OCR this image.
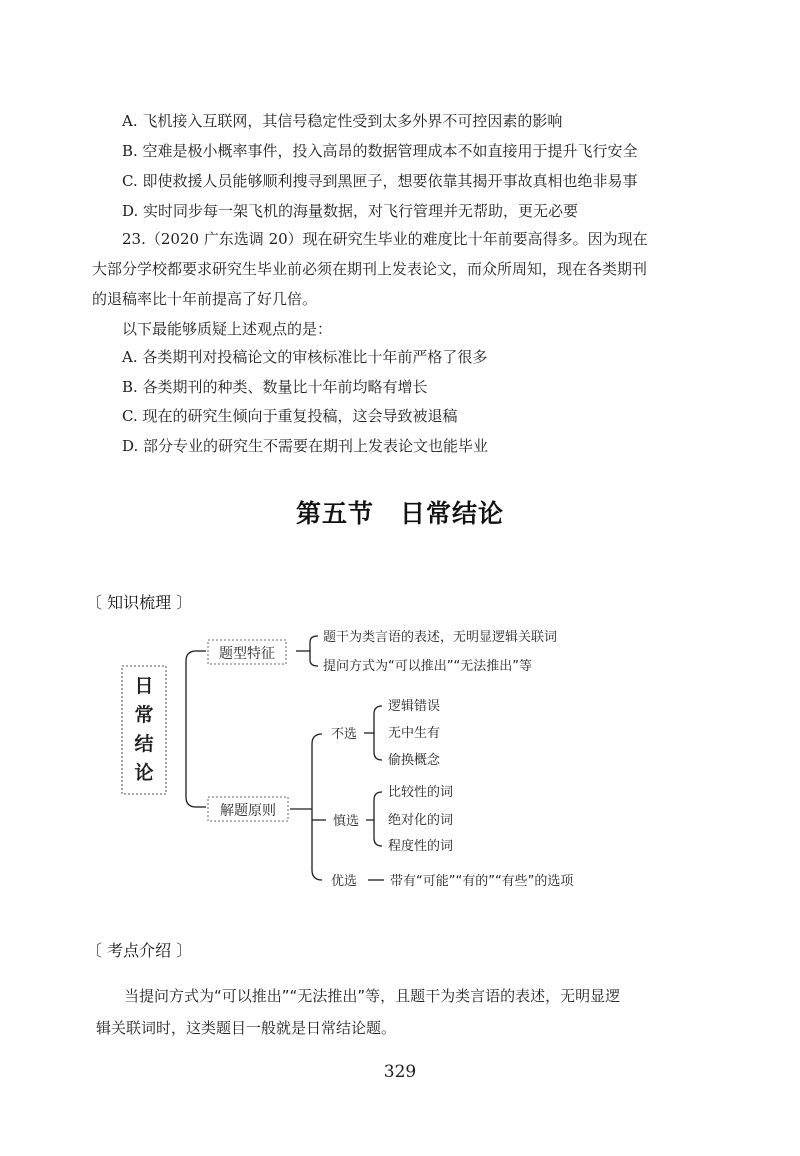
A. 飞机接入互联网，其信号稳定性受到太多外界不可控因素的影响
B. 空难是极小概率事件，投入高昂的数据管理成本不如直接用于提升飞行安全
C. 即使救援人员能够顺利搜寻到黑匣子，想要依靠其揭开事故真相也绝非易事
D. 实时同步每一架飞机的海量数据，对飞行管理并无帮助，更无必要
23.（2020 广东选调 20）现在研究生毕业的难度比十年前要高得多。因为现在
大部分学校都要求研究生毕业前必须在期刊上发表论文，而众所周知，现在各类期刊
的退稿率比十年前提高了好几倍。
以下最能够质疑上述观点的是：
A. 各类期刊对投稿论文的审核标准比十年前严格了很多
B. 各类期刊的种类、数量比十年前均略有增长
C. 现在的研究生倾向于重复投稿，这会导致被退稿
D. 部分专业的研究生不需要在期刊上发表论文也能毕业
第五节　日常结论
〔 知识梳理 〕
日
常
结
论
题型特征
题干为类言语的表述，无明显逻辑关联词
提问方式为“可以推出”“无法推出”等
解题原则
不选
逻辑错误
无中生有
偷换概念
慎选
比较性的词
绝对化的词
程度性的词
优选	带有“可能”“有的”“有些”的选项
〔 考点介绍 〕
当提问方式为“可以推出”“无法推出”等，且题干为类言语的表述，无明显逻
辑关联词时，这类题目一般就是日常结论题。
329
